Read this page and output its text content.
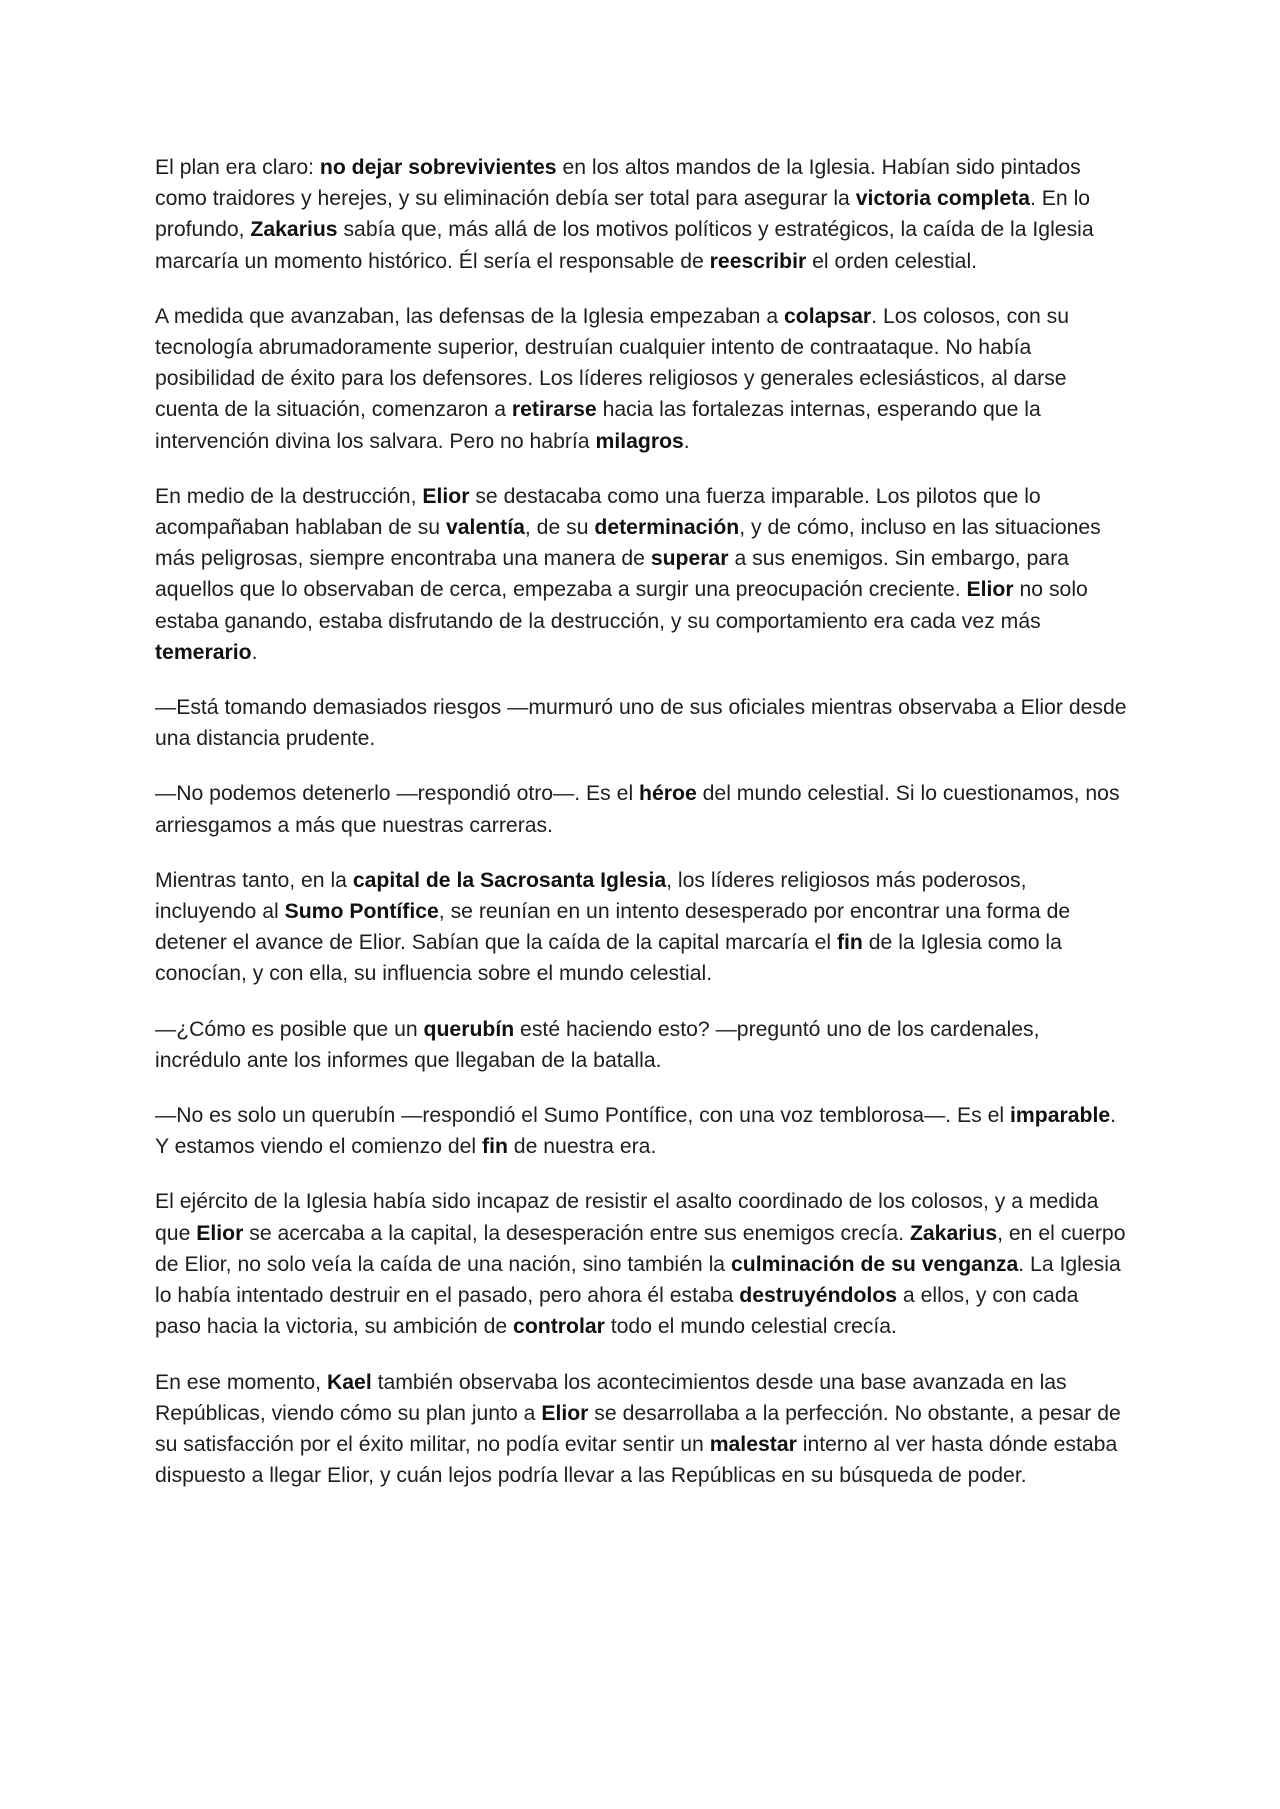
El plan era claro: no dejar sobrevivientes en los altos mandos de la Iglesia. Habían sido pintados como traidores y herejes, y su eliminación debía ser total para asegurar la victoria completa. En lo profundo, Zakarius sabía que, más allá de los motivos políticos y estratégicos, la caída de la Iglesia marcaría un momento histórico. Él sería el responsable de reescribir el orden celestial.

A medida que avanzaban, las defensas de la Iglesia empezaban a colapsar. Los colosos, con su tecnología abrumadoramente superior, destruían cualquier intento de contraataque. No había posibilidad de éxito para los defensores. Los líderes religiosos y generales eclesiásticos, al darse cuenta de la situación, comenzaron a retirarse hacia las fortalezas internas, esperando que la intervención divina los salvara. Pero no habría milagros.

En medio de la destrucción, Elior se destacaba como una fuerza imparable. Los pilotos que lo acompañaban hablaban de su valentía, de su determinación, y de cómo, incluso en las situaciones más peligrosas, siempre encontraba una manera de superar a sus enemigos. Sin embargo, para aquellos que lo observaban de cerca, empezaba a surgir una preocupación creciente. Elior no solo estaba ganando, estaba disfrutando de la destrucción, y su comportamiento era cada vez más temerario.

—Está tomando demasiados riesgos —murmuró uno de sus oficiales mientras observaba a Elior desde una distancia prudente.

—No podemos detenerlo —respondió otro—. Es el héroe del mundo celestial. Si lo cuestionamos, nos arriesgamos a más que nuestras carreras.

Mientras tanto, en la capital de la Sacrosanta Iglesia, los líderes religiosos más poderosos, incluyendo al Sumo Pontífice, se reunían en un intento desesperado por encontrar una forma de detener el avance de Elior. Sabían que la caída de la capital marcaría el fin de la Iglesia como la conocían, y con ella, su influencia sobre el mundo celestial.

—¿Cómo es posible que un querubín esté haciendo esto? —preguntó uno de los cardenales, incrédulo ante los informes que llegaban de la batalla.

—No es solo un querubín —respondió el Sumo Pontífice, con una voz temblorosa—. Es el imparable. Y estamos viendo el comienzo del fin de nuestra era.

El ejército de la Iglesia había sido incapaz de resistir el asalto coordinado de los colosos, y a medida que Elior se acercaba a la capital, la desesperación entre sus enemigos crecía. Zakarius, en el cuerpo de Elior, no solo veía la caída de una nación, sino también la culminación de su venganza. La Iglesia lo había intentado destruir en el pasado, pero ahora él estaba destruyéndolos a ellos, y con cada paso hacia la victoria, su ambición de controlar todo el mundo celestial crecía.

En ese momento, Kael también observaba los acontecimientos desde una base avanzada en las Repúblicas, viendo cómo su plan junto a Elior se desarrollaba a la perfección. No obstante, a pesar de su satisfacción por el éxito militar, no podía evitar sentir un malestar interno al ver hasta dónde estaba dispuesto a llegar Elior, y cuán lejos podría llevar a las Repúblicas en su búsqueda de poder.
